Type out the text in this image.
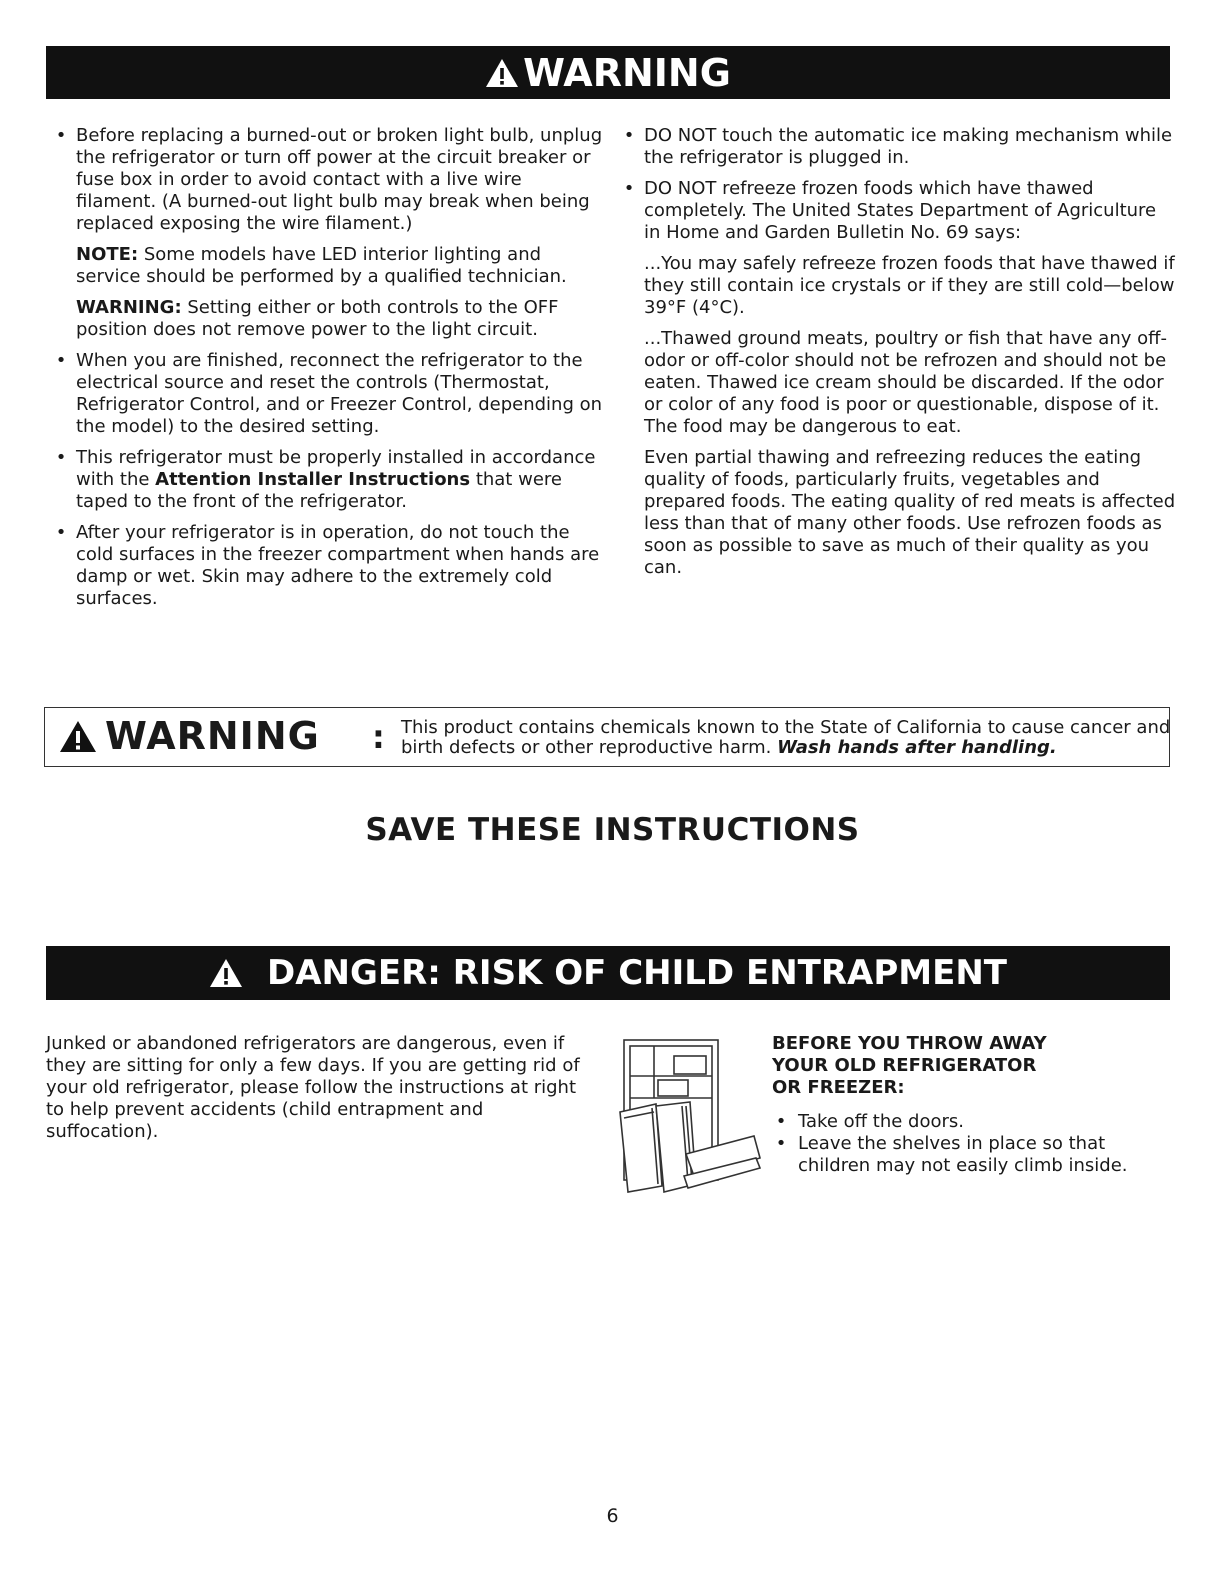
WARNING
• Before replacing a burned-out or broken light bulb, unplug the refrigerator or turn off power at the circuit breaker or fuse box in order to avoid contact with a live wire filament. (A burned-out light bulb may break when being replaced exposing the wire filament.)
NOTE: Some models have LED interior lighting and service should be performed by a qualified technician.
WARNING: Setting either or both controls to the OFF position does not remove power to the light circuit.
• When you are finished, reconnect the refrigerator to the electrical source and reset the controls (Thermostat, Refrigerator Control, and or Freezer Control, depending on the model) to the desired setting.
• This refrigerator must be properly installed in accordance with the Attention Installer Instructions that were taped to the front of the refrigerator.
• After your refrigerator is in operation, do not touch the cold surfaces in the freezer compartment when hands are damp or wet. Skin may adhere to the extremely cold surfaces.
• DO NOT touch the automatic ice making mechanism while the refrigerator is plugged in.
• DO NOT refreeze frozen foods which have thawed completely. The United States Department of Agriculture in Home and Garden Bulletin No. 69 says:
...You may safely refreeze frozen foods that have thawed if they still contain ice crystals or if they are still cold—below 39°F (4°C).
...Thawed ground meats, poultry or fish that have any off-odor or off-color should not be refrozen and should not be eaten. Thawed ice cream should be discarded. If the odor or color of any food is poor or questionable, dispose of it. The food may be dangerous to eat.
Even partial thawing and refreezing reduces the eating quality of foods, particularly fruits, vegetables and prepared foods. The eating quality of red meats is affected less than that of many other foods. Use refrozen foods as soon as possible to save as much of their quality as you can.
WARNING : This product contains chemicals known to the State of California to cause cancer and birth defects or other reproductive harm. Wash hands after handling.
SAVE THESE INSTRUCTIONS
DANGER: RISK OF CHILD ENTRAPMENT
Junked or abandoned refrigerators are dangerous, even if they are sitting for only a few days. If you are getting rid of your old refrigerator, please follow the instructions at right to help prevent accidents (child entrapment and suffocation).
BEFORE YOU THROW AWAY
YOUR OLD REFRIGERATOR
OR FREEZER:
• Take off the doors.
• Leave the shelves in place so that children may not easily climb inside.
6
